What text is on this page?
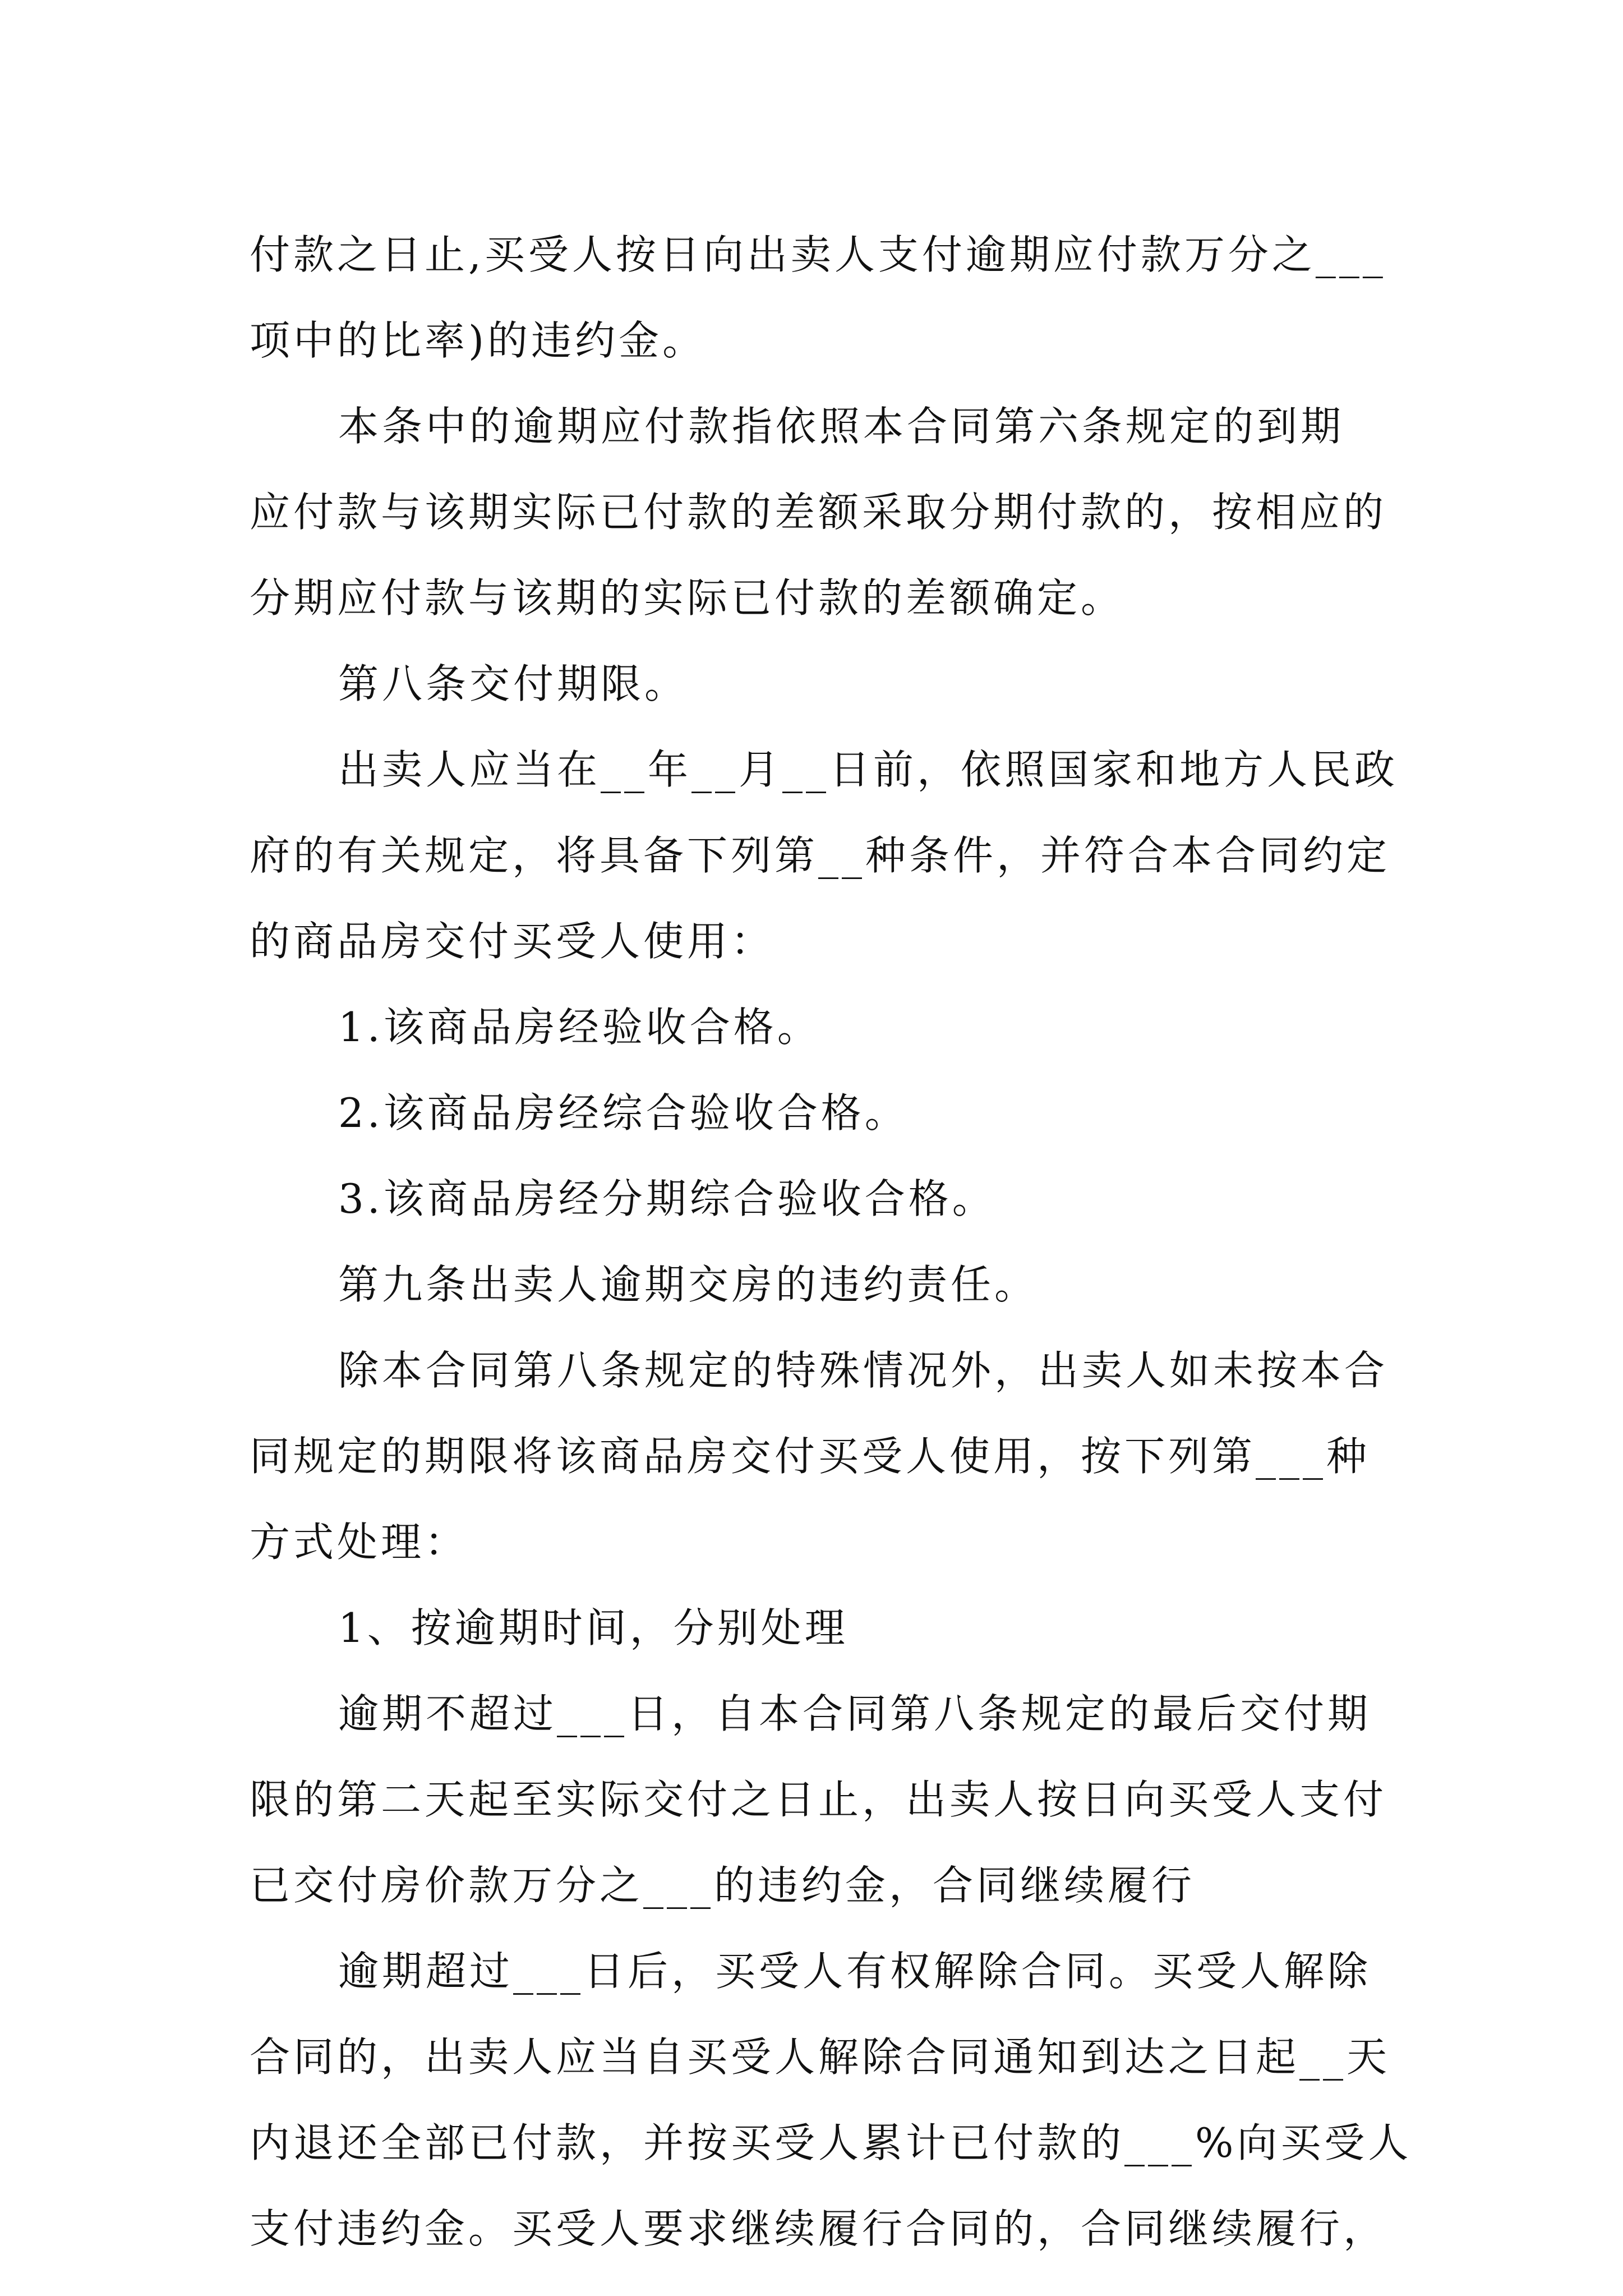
付款之日止,买受人按日向出卖人支付逾期应付款万分之___
项中的比率)的违约金。
本条中的逾期应付款指依照本合同第六条规定的到期
应付款与该期实际已付款的差额采取分期付款的，按相应的
分期应付款与该期的实际已付款的差额确定。
第八条交付期限。
出卖人应当在__年__月__日前，依照国家和地方人民政
府的有关规定，将具备下列第__种条件，并符合本合同约定
的商品房交付买受人使用：
1.该商品房经验收合格。
2.该商品房经综合验收合格。
3.该商品房经分期综合验收合格。
第九条出卖人逾期交房的违约责任。
除本合同第八条规定的特殊情况外，出卖人如未按本合
同规定的期限将该商品房交付买受人使用，按下列第___种
方式处理：
1、按逾期时间，分别处理
逾期不超过___日，自本合同第八条规定的最后交付期
限的第二天起至实际交付之日止，出卖人按日向买受人支付
已交付房价款万分之___的违约金，合同继续履行
逾期超过___日后，买受人有权解除合同。买受人解除
合同的，出卖人应当自买受人解除合同通知到达之日起__天
内退还全部已付款，并按买受人累计已付款的___%向买受人
支付违约金。买受人要求继续履行合同的，合同继续履行，
